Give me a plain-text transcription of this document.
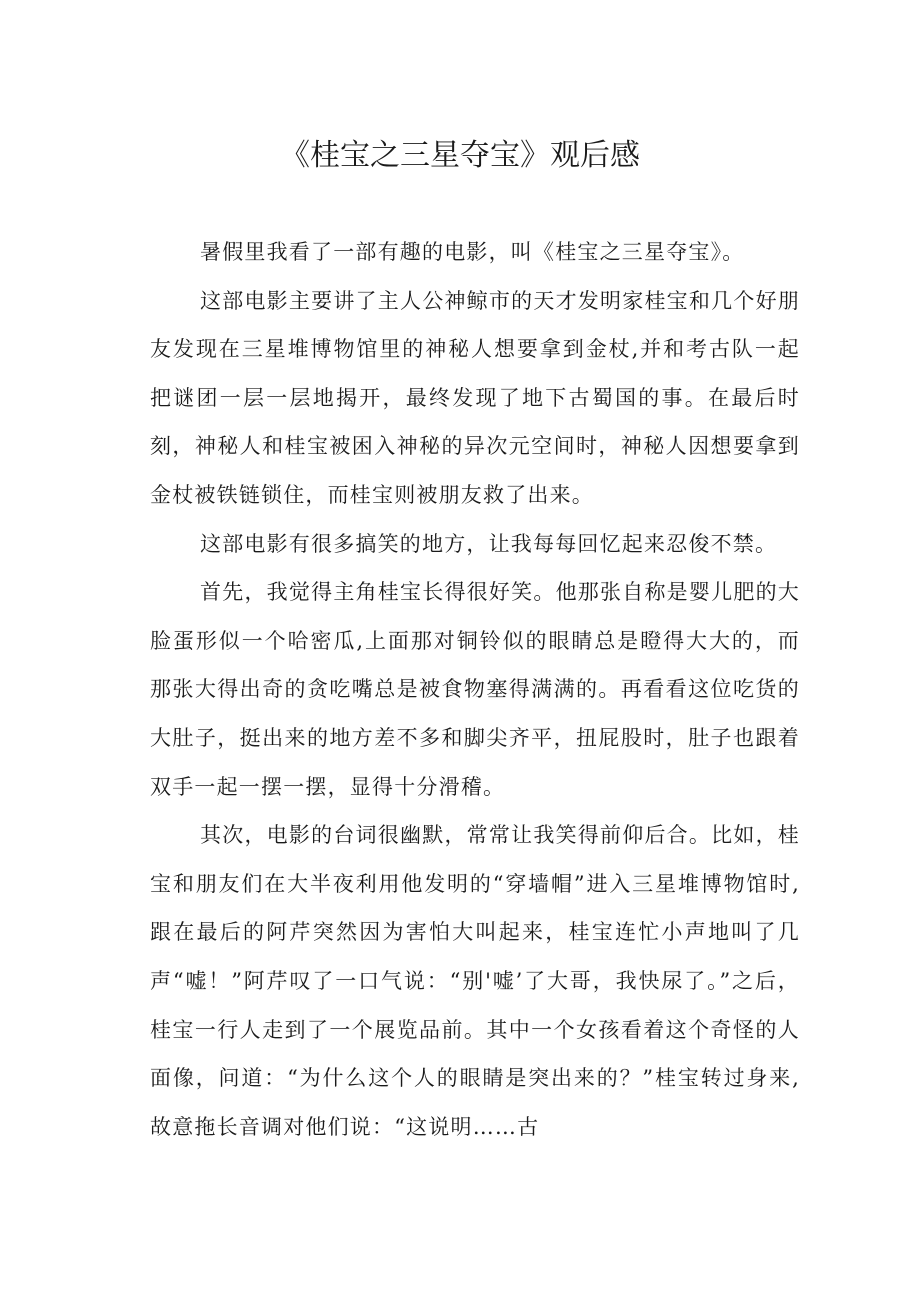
《桂宝之三星夺宝》观后感

暑假里我看了一部有趣的电影，叫《桂宝之三星夺宝》。

这部电影主要讲了主人公神鲸市的天才发明家桂宝和几个好朋友发现在三星堆博物馆里的神秘人想要拿到金杖,并和考古队一起把谜团一层一层地揭开，最终发现了地下古蜀国的事。在最后时刻，神秘人和桂宝被困入神秘的异次元空间时，神秘人因想要拿到金杖被铁链锁住，而桂宝则被朋友救了出来。

这部电影有很多搞笑的地方，让我每每回忆起来忍俊不禁。

首先，我觉得主角桂宝长得很好笑。他那张自称是婴儿肥的大脸蛋形似一个哈密瓜,上面那对铜铃似的眼睛总是瞪得大大的，而那张大得出奇的贪吃嘴总是被食物塞得满满的。再看看这位吃货的大肚子，挺出来的地方差不多和脚尖齐平，扭屁股时，肚子也跟着双手一起一摆一摆，显得十分滑稽。

其次，电影的台词很幽默，常常让我笑得前仰后合。比如，桂宝和朋友们在大半夜利用他发明的“穿墙帽”进入三星堆博物馆时,跟在最后的阿芹突然因为害怕大叫起来，桂宝连忙小声地叫了几声“嘘！”阿芹叹了一口气说：“别'嘘’了大哥，我快尿了。”之后，桂宝一行人走到了一个展览品前。其中一个女孩看着这个奇怪的人面像，问道：“为什么这个人的眼睛是突出来的？”桂宝转过身来,故意拖长音调对他们说：“这说明……古
